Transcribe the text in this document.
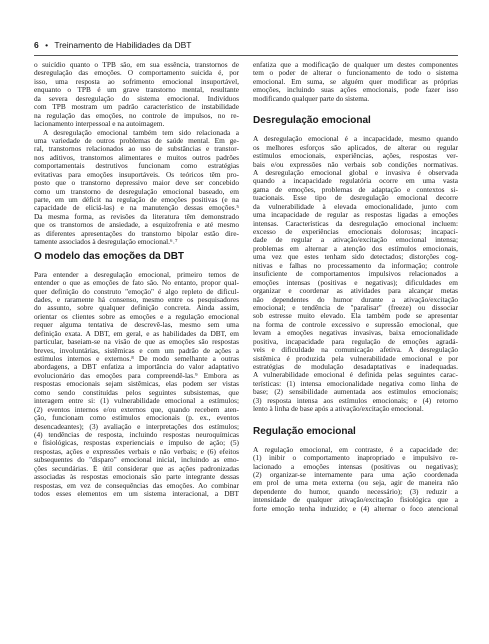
6 • Treinamento de Habilidades da DBT
o suicídio quanto o TPB são, em sua essência, transtornos de
desregulação das emoções. O comportamento suicida é, por
isso, uma resposta ao sofrimento emocional insuportável,
enquanto o TPB é um grave transtorno mental, resultante
da severa desregulação do sistema emocional. Indivíduos
com TPB mostram um padrão característico de instabilidade
na regulação das emoções, no controle de impulsos, no re-
lacionamento interpessoal e na autoimagem.
A desregulação emocional também tem sido relacionada a
uma variedade de outros problemas de saúde mental. Em ge-
ral, transtornos relacionados ao uso de substâncias e transtor-
nos aditivos, transtornos alimentares e muitos outros padrões
comportamentais destrutivos funcionam como estratégias
evitativas para emoções insuportáveis. Os teóricos têm pro-
posto que o transtorno depressivo maior deve ser concebido
como um transtorno de desregulação emocional baseado, em
parte, em um déficit na regulação de emoções positivas (e na
capacidade de eliciá-las) e na manutenção dessas emoções.⁵
Da mesma forma, as revisões da literatura têm demonstrado
que os transtornos de ansiedade, a esquizofrenia e até mesmo
as diferentes apresentações do transtorno bipolar estão dire-
tamente associados à desregulação emocional.⁶˒⁷
O modelo das emoções da DBT
Para entender a desregulação emocional, primeiro temos de
entender o que as emoções de fato são. No entanto, propor qual-
quer definição do construto "emoção" é algo repleto de dificul-
dades, e raramente há consenso, mesmo entre os pesquisadores
do assunto, sobre qualquer definição concreta. Ainda assim,
orientar os clientes sobre as emoções e a regulação emocional
requer alguma tentativa de descrevê-las, mesmo sem uma
definição exata. A DBT, em geral, e as habilidades da DBT, em
particular, baseiam-se na visão de que as emoções são respostas
breves, involuntárias, sistêmicas e com um padrão de ações a
estímulos internos e externos.⁸ De modo semelhante a outras
abordagens, a DBT enfatiza a importância do valor adaptativo
evolucionário das emoções para compreendê-las.⁹ Embora as
respostas emocionais sejam sistêmicas, elas podem ser vistas
como sendo constituídas pelos seguintes subsistemas, que
interagem entre si: (1) vulnerabilidade emocional a estímulos;
(2) eventos internos e/ou externos que, quando recebem aten-
ção, funcionam como estímulos emocionais (p. ex., eventos
desencadeantes); (3) avaliação e interpretações dos estímulos;
(4) tendências de resposta, incluindo respostas neuroquímicas
e fisiológicas, respostas experienciais e impulso de ação; (5)
respostas, ações e expressões verbais e não verbais; e (6) efeitos
subsequentes do "disparo" emocional inicial, incluindo as emo-
ções secundárias. É útil considerar que as ações padronizadas
associadas às respostas emocionais são parte integrante dessas
respostas, em vez de consequências das emoções. Ao combinar
todos esses elementos em um sistema interacional, a DBT
enfatiza que a modificação de qualquer um destes componentes
tem o poder de alterar o funcionamento de todo o sistema
emocional. Em suma, se alguém quer modificar as próprias
emoções, incluindo suas ações emocionais, pode fazer isso
modificando qualquer parte do sistema.
Desregulação emocional
A desregulação emocional é a incapacidade, mesmo quando
os melhores esforços são aplicados, de alterar ou regular
estímulos emocionais, experiências, ações, respostas ver-
bais e/ou expressões não verbais sob condições normativas.
A desregulação emocional global e invasiva é observada
quando a incapacidade regulatória ocorre em uma vasta
gama de emoções, problemas de adaptação e contextos si-
tuacionais. Esse tipo de desregulação emocional decorre
da vulnerabilidade à elevada emocionalidade, junto com
uma incapacidade de regular as respostas ligadas a emoções
intensas. Características da desregulação emocional incluem:
excesso de experiências emocionais dolorosas; incapaci-
dade de regular a ativação/excitação emocional intensa;
problemas em alternar a atenção dos estímulos emocionais,
uma vez que estes tenham sido detectados; distorções cog-
nitivas e falhas no processamento da informação; controle
insuficiente de comportamentos impulsivos relacionados a
emoções intensas (positivas e negativas); dificuldades em
organizar e coordenar as atividades para alcançar metas
não dependentes do humor durante a ativação/excitação
emocional; e tendência de "paralisar" (freeze) ou dissociar
sob estresse muito elevado. Ela também pode se apresentar
na forma de controle excessivo e supressão emocional, que
levam a emoções negativas invasivas, baixa emocionalidade
positiva, incapacidade para regulação de emoções agradá-
veis e dificuldade na comunicação afetiva. A desregulação
sistêmica é produzida pela vulnerabilidade emocional e por
estratégias de modulação desadaptativas e inadequadas.
A vulnerabilidade emocional é definida pelas seguintes carac-
terísticas: (1) intensa emocionalidade negativa como linha de
base; (2) sensibilidade aumentada aos estímulos emocionais;
(3) resposta intensa aos estímulos emocionais; e (4) retorno
lento à linha de base após a ativação/excitação emocional.
Regulação emocional
A regulação emocional, em contraste, é a capacidade de:
(1) inibir o comportamento inapropriado e impulsivo re-
lacionado a emoções intensas (positivas ou negativas);
(2) organizar-se internamente para uma ação coordenada
em prol de uma meta externa (ou seja, agir de maneira não
dependente do humor, quando necessário); (3) reduzir a
intensidade de qualquer ativação/excitação fisiológica que a
forte emoção tenha induzido; e (4) alternar o foco atencional
